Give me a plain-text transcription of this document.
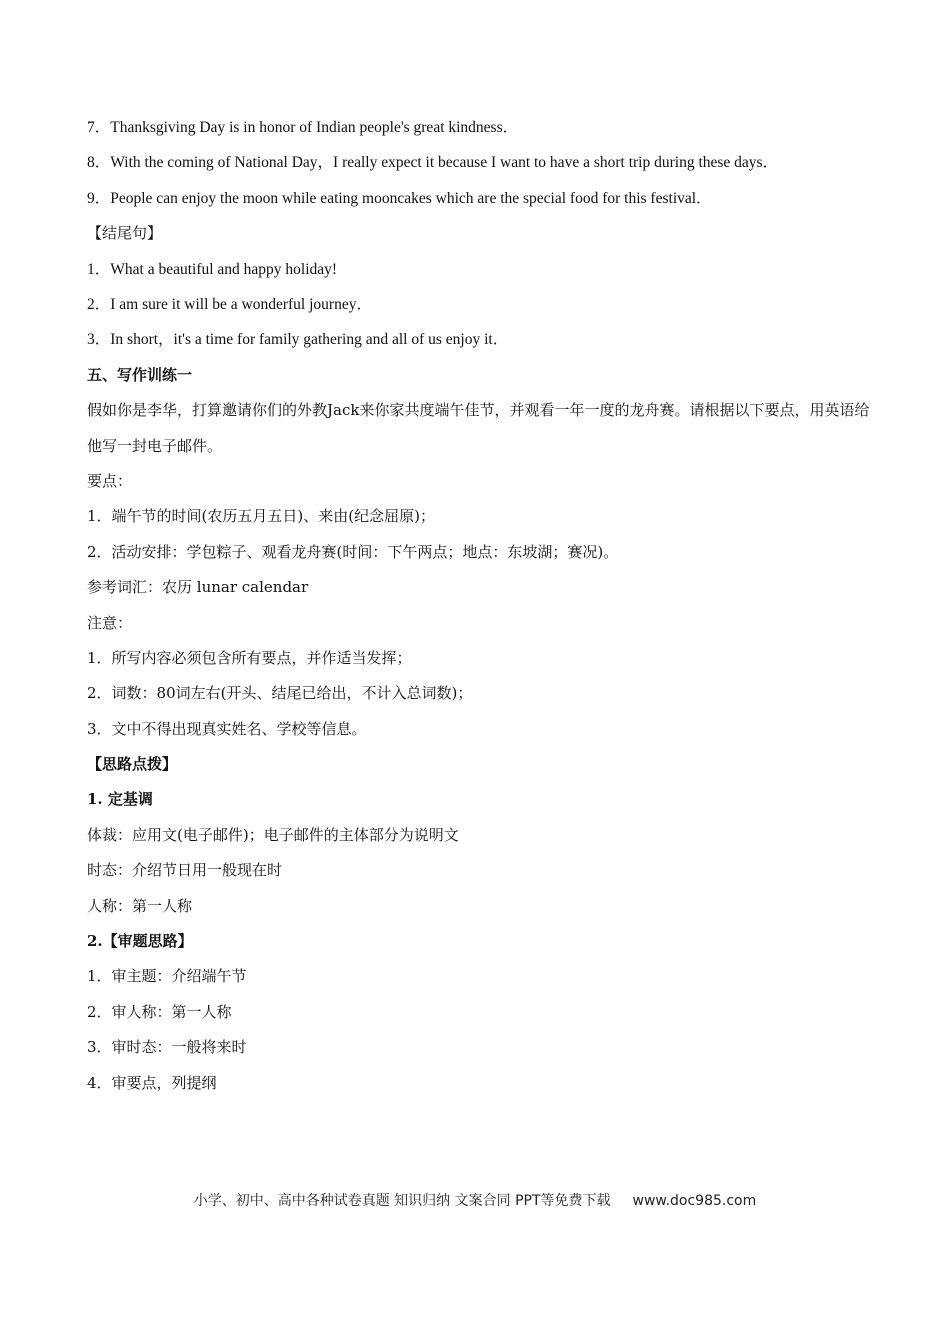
7．Thanksgiving Day is in honor of Indian people's great kindness．
8．With the coming of National Day，I really expect it because I want to have a short trip during these days．
9．People can enjoy the moon while eating mooncakes which are the special food for this festival．
【结尾句】
1．What a beautiful and happy holiday!
2．I am sure it will be a wonderful journey．
3．In short，it's a time for family gathering and all of us enjoy it．
五、写作训练一
假如你是李华，打算邀请你们的外教Jack来你家共度端午佳节，并观看一年一度的龙舟赛。请根据以下要点，用英语给他写一封电子邮件。
要点：
1．端午节的时间(农历五月五日)、来由(纪念屈原)；
2．活动安排：学包粽子、观看龙舟赛(时间：下午两点；地点：东坡湖；赛况)。
参考词汇：农历 lunar calendar
注意：
1．所写内容必须包含所有要点，并作适当发挥；
2．词数：80词左右(开头、结尾已给出，不计入总词数)；
3．文中不得出现真实姓名、学校等信息。
【思路点拨】
1. 定基调
体裁：应用文(电子邮件)；电子邮件的主体部分为说明文
时态：介绍节日用一般现在时
人称：第一人称
2.【审题思路】
1．审主题：介绍端午节
2．审人称：第一人称
3．审时态：一般将来时
4．审要点，列提纲
小学、初中、高中各种试卷真题 知识归纳 文案合同 PPT等免费下载 www.doc985.com
